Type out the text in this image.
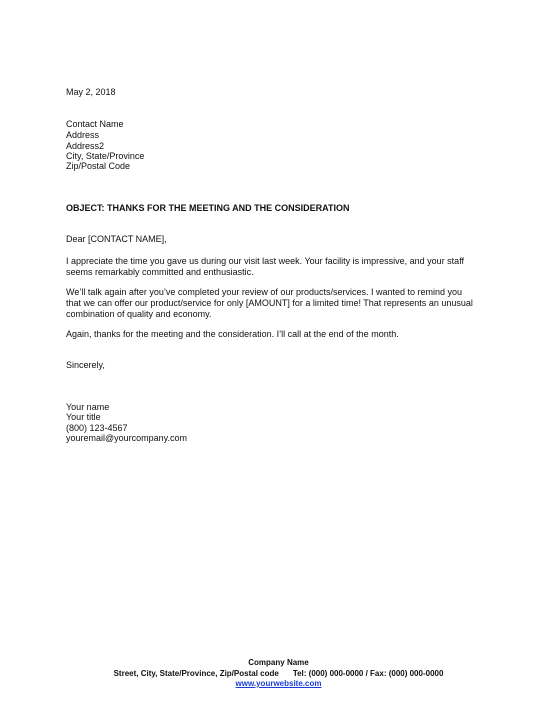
May 2, 2018
Contact Name
Address
Address2
City, State/Province
Zip/Postal Code
OBJECT: THANKS FOR THE MEETING AND THE CONSIDERATION
Dear [CONTACT NAME],
I appreciate the time you gave us during our visit last week. Your facility is impressive, and your staff seems remarkably committed and enthusiastic.
We’ll talk again after you’ve completed your review of our products/services. I wanted to remind you that we can offer our product/service for only [AMOUNT] for a limited time! That represents an unusual combination of quality and economy.
Again, thanks for the meeting and the consideration. I’ll call at the end of the month.
Sincerely,
Your name
Your title
(800) 123-4567
youremail@yourcompany.com
Company Name
Street, City, State/Province, Zip/Postal code Tel: (000) 000-0000 / Fax: (000) 000-0000
www.yourwebsite.com
